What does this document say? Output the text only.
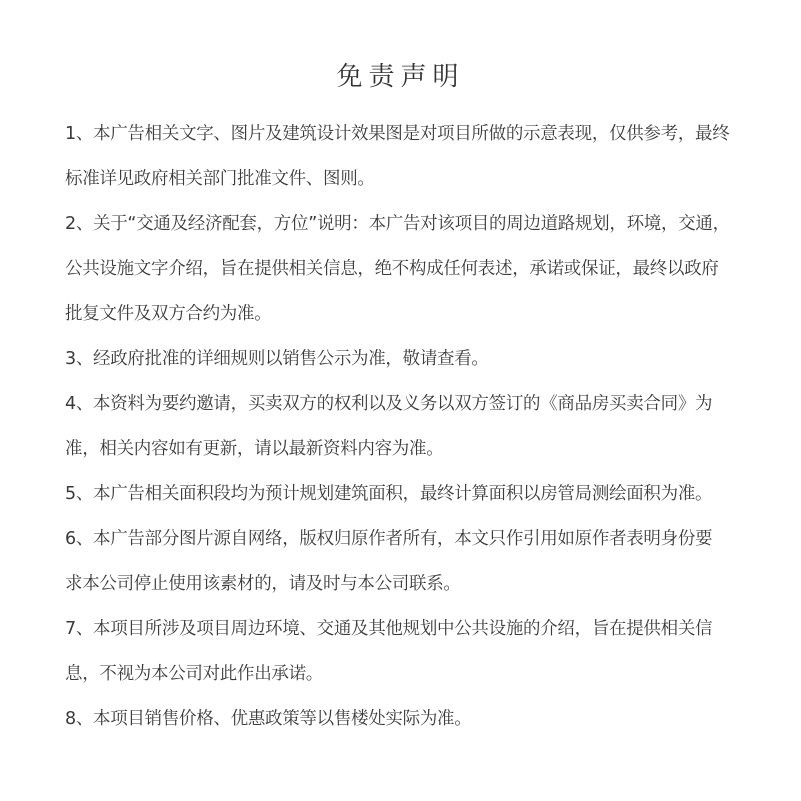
免责声明
1、本广告相关文字、图片及建筑设计效果图是对项目所做的示意表现，仅供参考，最终
标准详见政府相关部门批准文件、图则。
2、关于“交通及经济配套，方位”说明：本广告对该项目的周边道路规划，环境，交通，
公共设施文字介绍，旨在提供相关信息，绝不构成任何表述，承诺或保证，最终以政府
批复文件及双方合约为准。
3、经政府批准的详细规则以销售公示为准，敬请查看。
4、本资料为要约邀请，买卖双方的权利以及义务以双方签订的《商品房买卖合同》为
准，相关内容如有更新，请以最新资料内容为准。
5、本广告相关面积段均为预计规划建筑面积，最终计算面积以房管局测绘面积为准。
6、本广告部分图片源自网络，版权归原作者所有，本文只作引用如原作者表明身份要
求本公司停止使用该素材的，请及时与本公司联系。
7、本项目所涉及项目周边环境、交通及其他规划中公共设施的介绍，旨在提供相关信
息，不视为本公司对此作出承诺。
8、本项目销售价格、优惠政策等以售楼处实际为准。
